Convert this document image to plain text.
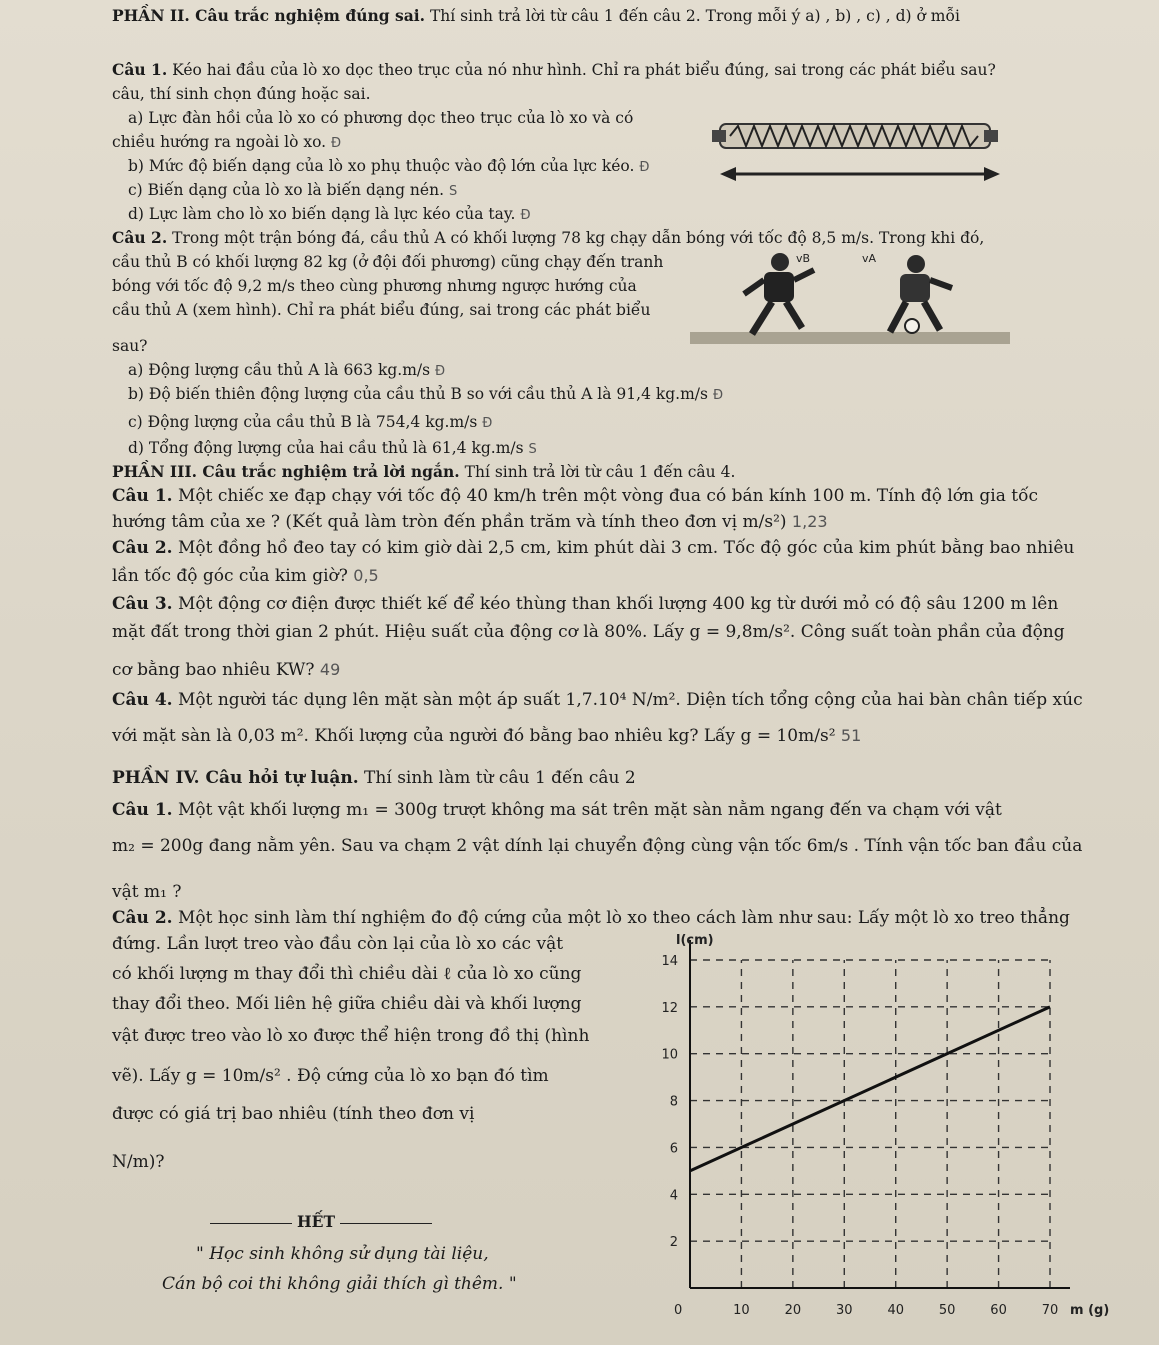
PHẦN II. Câu trắc nghiệm đúng sai. Thí sinh trả lời từ câu 1 đến câu 2. Trong mỗi ý a) , b) , c) , d) ở mỗi
câu, thí sinh chọn đúng hoặc sai.
Câu 1. Kéo hai đầu của lò xo dọc theo trục của nó như hình. Chỉ ra phát biểu đúng, sai trong các phát biểu sau?
a) Lực đàn hồi của lò xo có phương dọc theo trục của lò xo và có
chiều hướng ra ngoài lò xo. Đ
b) Mức độ biến dạng của lò xo phụ thuộc vào độ lớn của lực kéo. Đ
c) Biến dạng của lò xo là biến dạng nén. S
d) Lực làm cho lò xo biến dạng là lực kéo của tay. Đ
Câu 2. Trong một trận bóng đá, cầu thủ A có khối lượng 78 kg chạy dẫn bóng với tốc độ 8,5 m/s. Trong khi đó,
cầu thủ B có khối lượng 82 kg (ở đội đối phương) cũng chạy đến tranh
bóng với tốc độ 9,2 m/s theo cùng phương nhưng ngược hướng của
cầu thủ A (xem hình). Chỉ ra phát biểu đúng, sai trong các phát biểu
sau?
a) Động lượng cầu thủ A là 663 kg.m/s Đ
b) Độ biến thiên động lượng của cầu thủ B so với cầu thủ A là 91,4 kg.m/s Đ
c) Động lượng của cầu thủ B là 754,4 kg.m/s Đ
d) Tổng động lượng của hai cầu thủ là 61,4 kg.m/s S
vB	vA
PHẦN III. Câu trắc nghiệm trả lời ngắn. Thí sinh trả lời từ câu 1 đến câu 4.
Câu 1. Một chiếc xe đạp chạy với tốc độ 40 km/h trên một vòng đua có bán kính 100 m. Tính độ lớn gia tốc
hướng tâm của xe ? (Kết quả làm tròn đến phần trăm và tính theo đơn vị m/s²) 1,23
Câu 2. Một đồng hồ đeo tay có kim giờ dài 2,5 cm, kim phút dài 3 cm. Tốc độ góc của kim phút bằng bao nhiêu
lần tốc độ góc của kim giờ? 0,5
Câu 3. Một động cơ điện được thiết kế để kéo thùng than khối lượng 400 kg từ dưới mỏ có độ sâu 1200 m lên
mặt đất trong thời gian 2 phút. Hiệu suất của động cơ là 80%. Lấy g = 9,8m/s². Công suất toàn phần của động
cơ bằng bao nhiêu KW? 49
Câu 4. Một người tác dụng lên mặt sàn một áp suất 1,7.10⁴ N/m². Diện tích tổng cộng của hai bàn chân tiếp xúc
với mặt sàn là 0,03 m². Khối lượng của người đó bằng bao nhiêu kg? Lấy g = 10m/s² 51
PHẦN IV. Câu hỏi tự luận. Thí sinh làm từ câu 1 đến câu 2
Câu 1. Một vật khối lượng m₁ = 300g trượt không ma sát trên mặt sàn nằm ngang đến va chạm với vật
m₂ = 200g đang nằm yên. Sau va chạm 2 vật dính lại chuyển động cùng vận tốc 6m/s . Tính vận tốc ban đầu của
vật m₁ ?
Câu 2. Một học sinh làm thí nghiệm đo độ cứng của một lò xo theo cách làm như sau: Lấy một lò xo treo thẳng
đứng. Lần lượt treo vào đầu còn lại của lò xo các vật
có khối lượng m thay đổi thì chiều dài ℓ của lò xo cũng
thay đổi theo. Mối liên hệ giữa chiều dài và khối lượng
vật được treo vào lò xo được thể hiện trong đồ thị (hình
vẽ). Lấy g = 10m/s² . Độ cứng của lò xo bạn đó tìm
được có giá trị bao nhiêu (tính theo đơn vị
N/m)?
HẾT
" Học sinh không sử dụng tài liệu,
Cán bộ coi thi không giải thích gì thêm. "
10	20	30	40	50	60	70
2
4
6
8
10
12
14
0
l(cm)
m (g)
